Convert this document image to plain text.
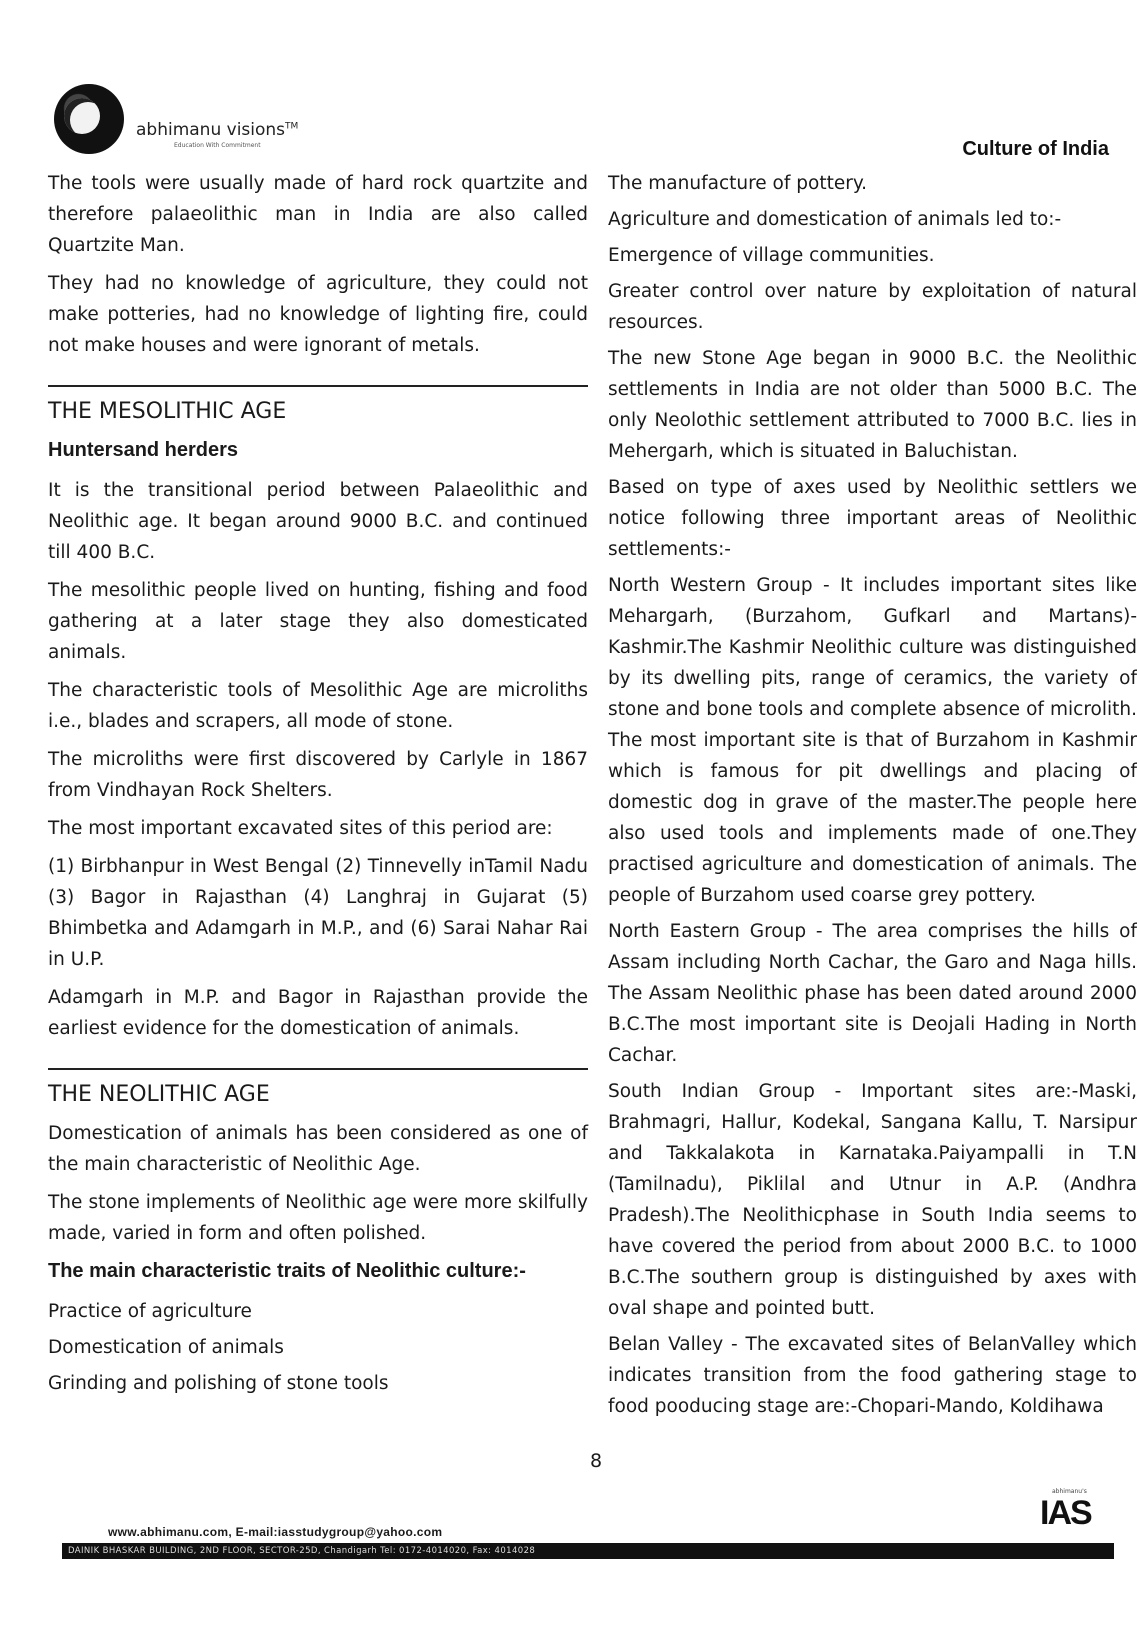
abhimanu visions™
Education With Commitment	Culture of India

The tools were usually made of hard rock quartzite and therefore palaeolithic man in India are also called Quartzite Man.

They had no knowledge of agriculture, they could not make potteries, had no knowledge of lighting fire, could not make houses and were ignorant of metals.

THE MESOLITHIC AGE
Huntersand herders

It is the transitional period between Palaeolithic and Neolithic age. It began around 9000 B.C. and continued till 400 B.C.

The mesolithic people lived on hunting, fishing and food gathering at a later stage they also domesticated animals.

The characteristic tools of Mesolithic Age are microliths i.e., blades and scrapers, all mode of stone.

The microliths were first discovered by Carlyle in 1867 from Vindhayan Rock Shelters.

The most important excavated sites of this period are:

(1) Birbhanpur in West Bengal (2) Tinnevelly inTamil Nadu (3) Bagor in Rajasthan (4) Langhraj in Gujarat (5) Bhimbetka and Adamgarh in M.P., and (6) Sarai Nahar Rai in U.P.

Adamgarh in M.P. and Bagor in Rajasthan provide the earliest evidence for the domestication of animals.

THE NEOLITHIC AGE

Domestication of animals has been considered as one of the main characteristic of Neolithic Age.

The stone implements of Neolithic age were more skilfully made, varied in form and often polished.

The main characteristic traits of Neolithic culture:-
Practice of agriculture
Domestication of animals
Grinding and polishing of stone tools

The manufacture of pottery.

Agriculture and domestication of animals led to:-

Emergence of village communities.

Greater control over nature by exploitation of natural resources.

The new Stone Age began in 9000 B.C. the Neolithic settlements in India are not older than 5000 B.C. The only Neolothic settlement attributed to 7000 B.C. lies in Mehergarh, which is situated in Baluchistan.

Based on type of axes used by Neolithic settlers we notice following three important areas of Neolithic settlements:-

North Western Group - It includes important sites like Mehargarh, (Burzahom, Gufkarl and Martans)-Kashmir.The Kashmir Neolithic culture was distinguished by its dwelling pits, range of ceramics, the variety of stone and bone tools and complete absence of microlith. The most important site is that of Burzahom in Kashmir which is famous for pit dwellings and placing of domestic dog in grave of the master.The people here also used tools and implements made of one.They practised agriculture and domestication of animals. The people of Burzahom used coarse grey pottery.

North Eastern Group - The area comprises the hills of Assam including North Cachar, the Garo and Naga hills. The Assam Neolithic phase has been dated around 2000 B.C.The most important site is Deojali Hading in North Cachar.

South Indian Group - Important sites are:-Maski, Brahmagri, Hallur, Kodekal, Sangana Kallu, T. Narsipur and Takkalakota in Karnataka.Paiyampalli in T.N (Tamilnadu), Piklilal and Utnur in A.P. (Andhra Pradesh).The Neolithicphase in South India seems to have covered the period from about 2000 B.C. to 1000 B.C.The southern group is distinguished by axes with oval shape and pointed butt.

Belan Valley - The excavated sites of BelanValley which indicates transition from the food gathering stage to food pooducing stage are:-Chopari-Mando, Koldihawa

8
www.abhimanu.com, E-mail:iasstudygroup@yahoo.com
abhimanu's
IAS
DAINIK BHASKAR BUILDING, 2ND FLOOR, SECTOR-25D, Chandigarh Tel: 0172-4014020, Fax: 4014028
